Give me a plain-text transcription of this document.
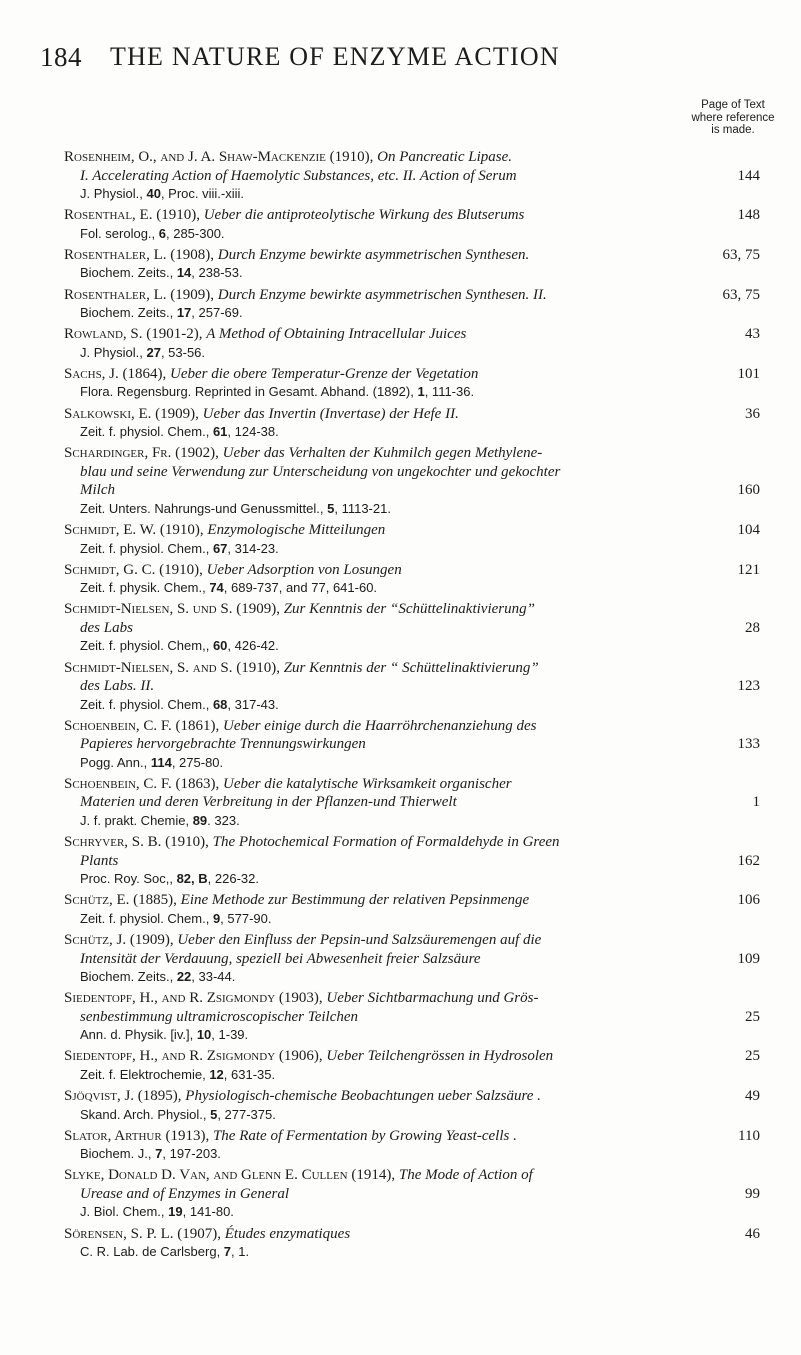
184 THE NATURE OF ENZYME ACTION
Page of Text where reference is made.

Rosenheim, O., and J. A. Shaw-Mackenzie (1910), On Pancreatic Lipase.

I. Accelerating Action of Haemolytic Substances, etc. II. Action of Serum	144

J. Physiol., 40, Proc. viii.-xiii.

Rosenthal, E. (1910), Ueber die antiproteolytische Wirkung des Blutserums	148

Fol. serolog., 6, 285-300.

Rosenthaler, L. (1908), Durch Enzyme bewirkte asymmetrischen Synthesen.	63, 75

Biochem. Zeits., 14, 238-53.

Rosenthaler, L. (1909), Durch Enzyme bewirkte asymmetrischen Synthesen. II.	63, 75

Biochem. Zeits., 17, 257-69.

Rowland, S. (1901-2), A Method of Obtaining Intracellular Juices	43

J. Physiol., 27, 53-56.

Sachs, J. (1864), Ueber die obere Temperatur-Grenze der Vegetation	101

Flora. Regensburg. Reprinted in Gesamt. Abhand. (1892), 1, 111-36.

Salkowski, E. (1909), Ueber das Invertin (Invertase) der Hefe II.	36

Zeit. f. physiol. Chem., 61, 124-38.

Schardinger, Fr. (1902), Ueber das Verhalten der Kuhmilch gegen Methylene-

blau und seine Verwendung zur Unterscheidung von ungekochter und gekochter

Milch	160

Zeit. Unters. Nahrungs-und Genussmittel., 5, 1113-21.

Schmidt, E. W. (1910), Enzymologische Mitteilungen	104

Zeit. f. physiol. Chem., 67, 314-23.

Schmidt, G. C. (1910), Ueber Adsorption von Losungen	121

Zeit. f. physik. Chem., 74, 689-737, and 77, 641-60.

Schmidt-Nielsen, S. und S. (1909), Zur Kenntnis der “Schüttelinaktivierung”

des Labs	28

Zeit. f. physiol. Chem,, 60, 426-42.

Schmidt-Nielsen, S. and S. (1910), Zur Kenntnis der “ Schüttelinaktivierung”

des Labs. II.	123

Zeit. f. physiol. Chem., 68, 317-43.

Schoenbein, C. F. (1861), Ueber einige durch die Haarröhrchenanziehung des

Papieres hervorgebrachte Trennungswirkungen	133

Pogg. Ann., 114, 275-80.

Schoenbein, C. F. (1863), Ueber die katalytische Wirksamkeit organischer

Materien und deren Verbreitung in der Pflanzen-und Thierwelt	1

J. f. prakt. Chemie, 89. 323.

Schryver, S. B. (1910), The Photochemical Formation of Formaldehyde in Green

Plants	162

Proc. Roy. Soc,, 82, B, 226-32.

Schütz, E. (1885), Eine Methode zur Bestimmung der relativen Pepsinmenge	106

Zeit. f. physiol. Chem., 9, 577-90.

Schütz, J. (1909), Ueber den Einfluss der Pepsin-und Salzsäuremengen auf die

Intensität der Verdauung, speziell bei Abwesenheit freier Salzsäure	109

Biochem. Zeits., 22, 33-44.

Siedentopf, H., and R. Zsigmondy (1903), Ueber Sichtbarmachung und Grös-

senbestimmung ultramicroscopischer Teilchen	25

Ann. d. Physik. [iv.], 10, 1-39.

Siedentopf, H., and R. Zsigmondy (1906), Ueber Teilchengrössen in Hydrosolen	25

Zeit. f. Elektrochemie, 12, 631-35.

Sjöqvist, J. (1895), Physiologisch-chemische Beobachtungen ueber Salzsäure .	49

Skand. Arch. Physiol., 5, 277-375.

Slator, Arthur (1913), The Rate of Fermentation by Growing Yeast-cells .	110

Biochem. J., 7, 197-203.

Slyke, Donald D. Van, and Glenn E. Cullen (1914), The Mode of Action of

Urease and of Enzymes in General	99

J. Biol. Chem., 19, 141-80.

Sörensen, S. P. L. (1907), Études enzymatiques	46

C. R. Lab. de Carlsberg, 7, 1.
